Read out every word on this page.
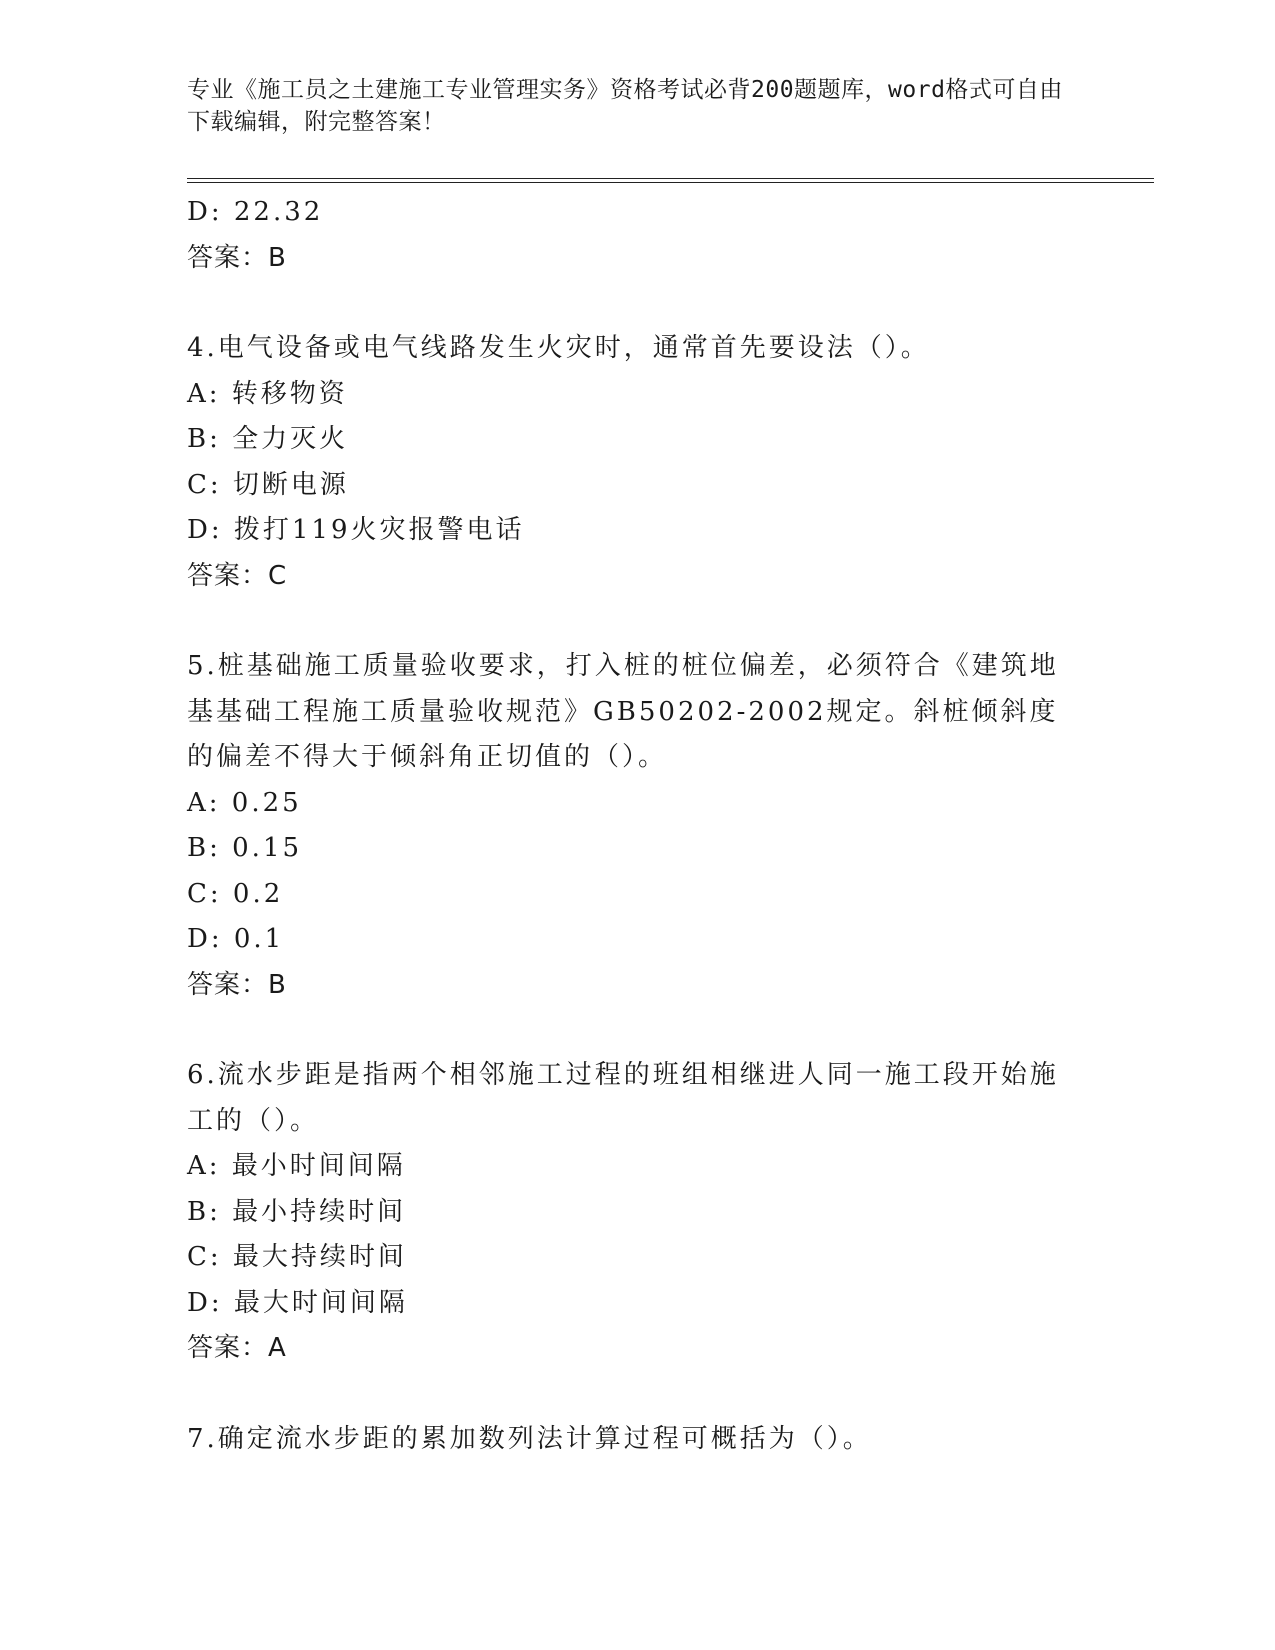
专业《施工员之土建施工专业管理实务》资格考试必背200题题库，word格式可自由下载编辑，附完整答案！
D: 22.32
答案：B
4.电气设备或电气线路发生火灾时，通常首先要设法（）。
A: 转移物资
B: 全力灭火
C: 切断电源
D: 拨打119火灾报警电话
答案：C
5.桩基础施工质量验收要求，打入桩的桩位偏差，必须符合《建筑地基基础工程施工质量验收规范》GB50202-2002规定。斜桩倾斜度的偏差不得大于倾斜角正切值的（）。
A: 0.25
B: 0.15
C: 0.2
D: 0.1
答案：B
6.流水步距是指两个相邻施工过程的班组相继进人同一施工段开始施工的（）。
A: 最小时间间隔
B: 最小持续时间
C: 最大持续时间
D: 最大时间间隔
答案：A
7.确定流水步距的累加数列法计算过程可概括为（）。
